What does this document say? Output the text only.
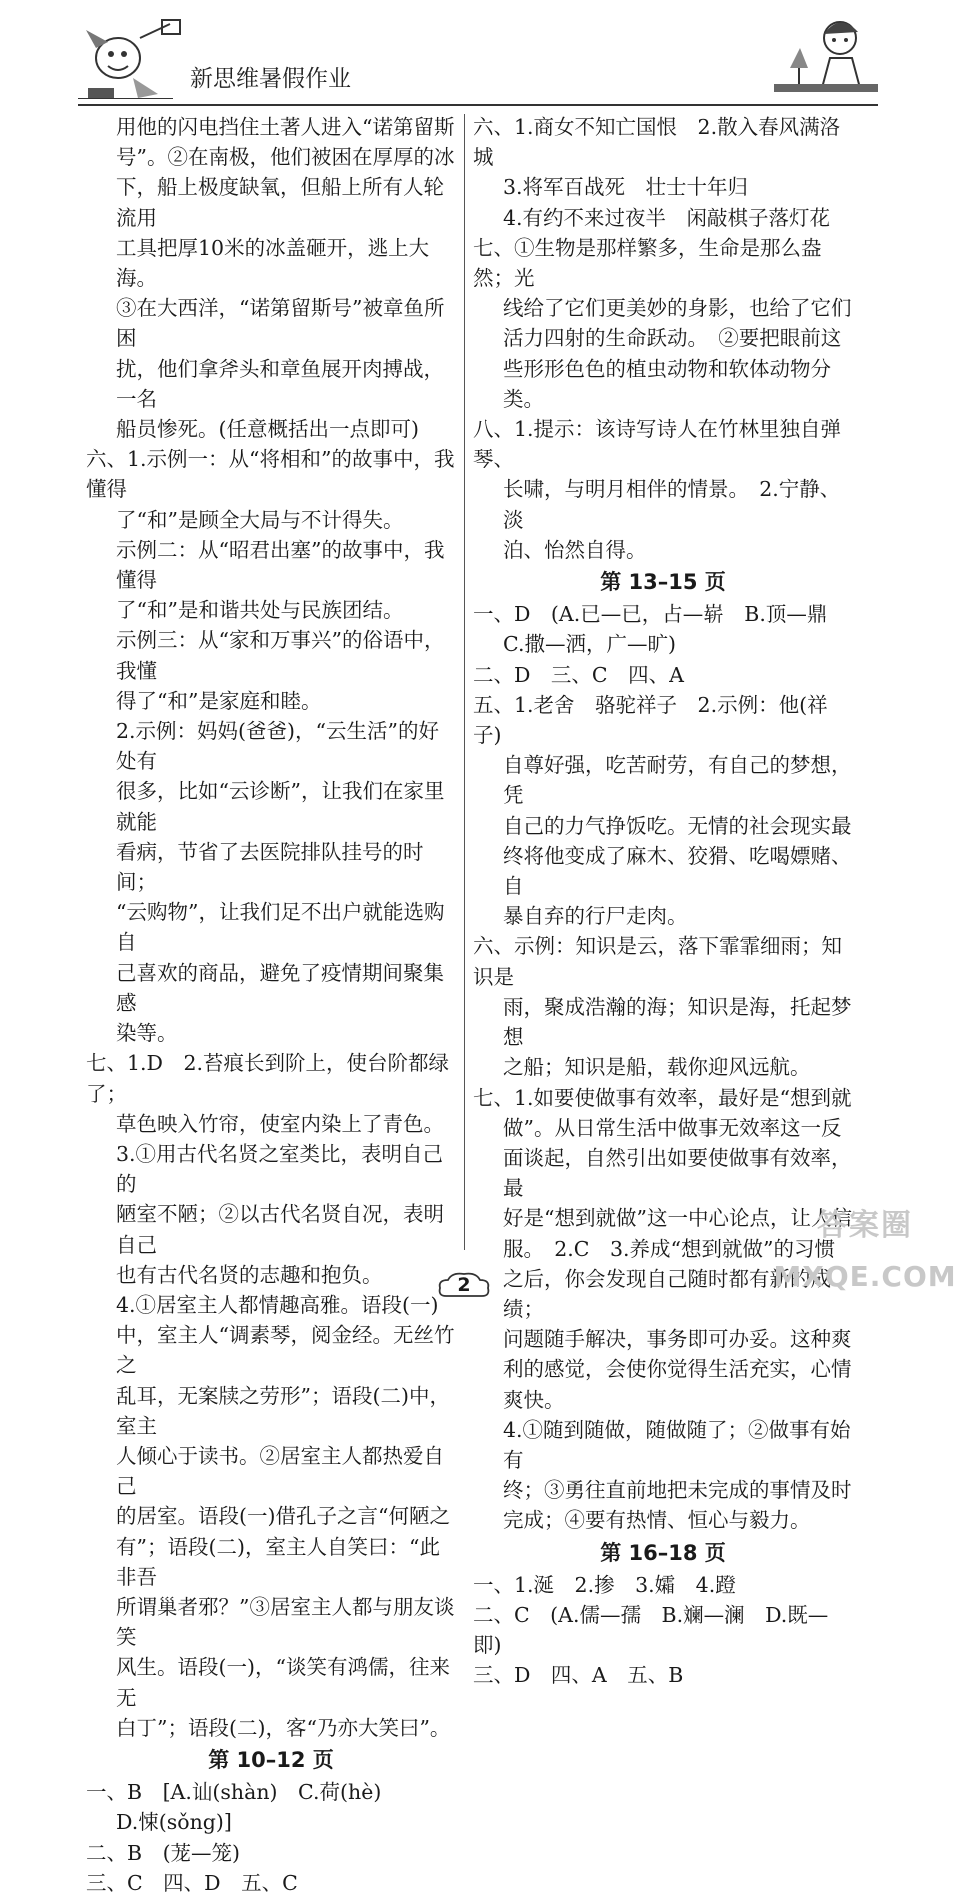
新思维暑假作业

用他的闪电挡住土著人进入“诺第留斯

号”。②在南极，他们被困在厚厚的冰

下，船上极度缺氧，但船上所有人轮流用

工具把厚10米的冰盖砸开，逃上大海。

③在大西洋，“诺第留斯号”被章鱼所困

扰，他们拿斧头和章鱼展开肉搏战，一名

船员惨死。(任意概括出一点即可)

六、1.示例一：从“将相和”的故事中，我懂得

了“和”是顾全大局与不计得失。

示例二：从“昭君出塞”的故事中，我懂得

了“和”是和谐共处与民族团结。

示例三：从“家和万事兴”的俗语中，我懂

得了“和”是家庭和睦。

2.示例：妈妈(爸爸)，“云生活”的好处有

很多，比如“云诊断”，让我们在家里就能

看病，节省了去医院排队挂号的时间；

“云购物”，让我们足不出户就能选购自

己喜欢的商品，避免了疫情期间聚集感

染等。

七、1.D　2.苔痕长到阶上，使台阶都绿了；

草色映入竹帘，使室内染上了青色。

3.①用古代名贤之室类比，表明自己的

陋室不陋；②以古代名贤自况，表明自己

也有古代名贤的志趣和抱负。

4.①居室主人都情趣高雅。语段(一)

中，室主人“调素琴，阅金经。无丝竹之

乱耳，无案牍之劳形”；语段(二)中，室主

人倾心于读书。②居室主人都热爱自己

的居室。语段(一)借孔子之言“何陋之

有”；语段(二)，室主人自笑曰：“此非吾

所谓巢者邪？”③居室主人都与朋友谈笑

风生。语段(一)，“谈笑有鸿儒，往来无

白丁”；语段(二)，客“乃亦大笑曰”。

第 10–12 页

一、B　[A.讪(shàn)　C.荷(hè)

D.悚(sǒng)]

二、B　(茏—笼)

三、C　四、D　五、C

六、1.商女不知亡国恨　2.散入春风满洛城

3.将军百战死　壮士十年归

4.有约不来过夜半　闲敲棋子落灯花

七、①生物是那样繁多，生命是那么盎然；光

线给了它们更美妙的身影，也给了它们

活力四射的生命跃动。　②要把眼前这

些形形色色的植虫动物和软体动物分类。

八、1.提示：该诗写诗人在竹林里独自弹琴、

长啸，与明月相伴的情景。　2.宁静、淡

泊、怡然自得。

第 13–15 页

一、D　(A.已—已，占—崭　B.顶—鼎

C.撒—洒，广—旷)

二、D　三、C　四、A

五、1.老舍　骆驼祥子　2.示例：他(祥子)

自尊好强，吃苦耐劳，有自己的梦想，凭

自己的力气挣饭吃。无情的社会现实最

终将他变成了麻木、狡猾、吃喝嫖赌、自

暴自弃的行尸走肉。

六、示例：知识是云，落下霏霏细雨；知识是

雨，聚成浩瀚的海；知识是海，托起梦想

之船；知识是船，载你迎风远航。

七、1.如要使做事有效率，最好是“想到就

做”。从日常生活中做事无效率这一反

面谈起，自然引出如要使做事有效率，最

好是“想到就做”这一中心论点，让人信

服。　2.C　3.养成“想到就做”的习惯

之后，你会发现自己随时都有新的成绩；

问题随手解决，事务即可办妥。这种爽

利的感觉，会使你觉得生活充实，心情

爽快。

4.①随到随做，随做随了；②做事有始有

终；③勇往直前地把未完成的事情及时

完成；④要有热情、恒心与毅力。

第 16–18 页

一、1.涎　2.掺　3.孀　4.蹬

二、C　(A.儒—孺　B.斓—澜　D.既—即)

三、D　四、A　五、B

2
答案圈
MXQE.COM
